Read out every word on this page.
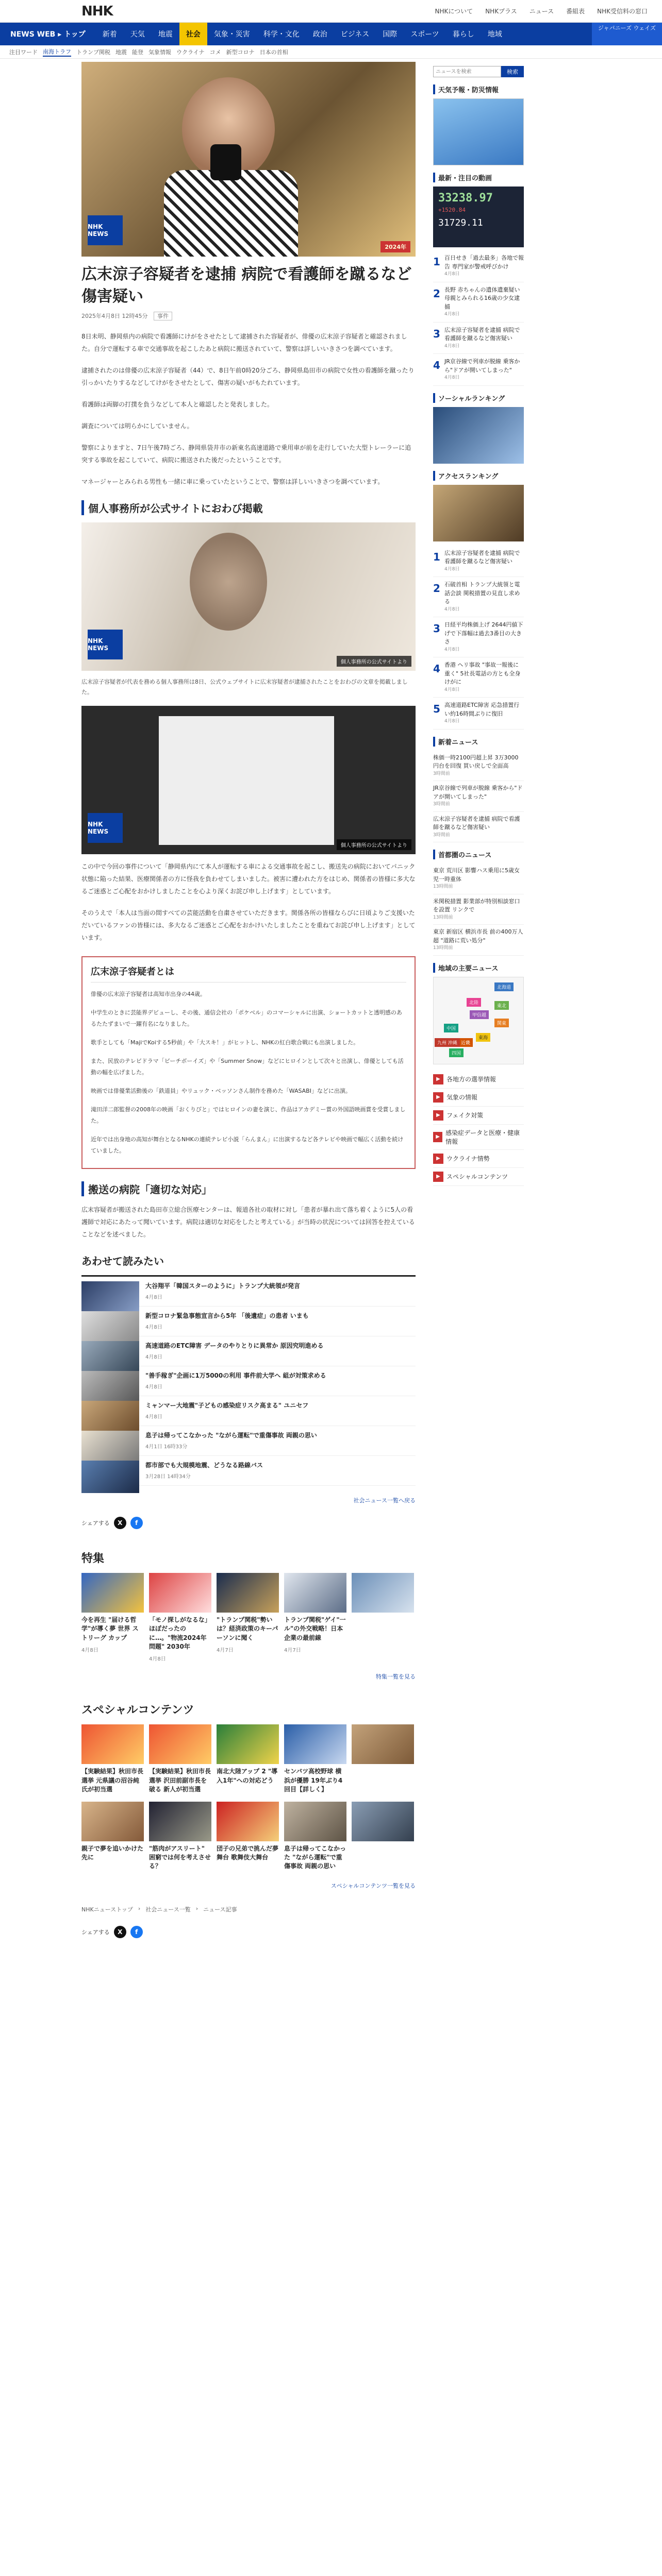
NHK	NHKについて NHKプラス ニュース 番組表 NHK受信料の窓口
NEWS WEB ▸ トップ	新着	天気	地震	社会	気象・災害	科学・文化	政治	ビジネス	国際	スポーツ	暮らし	地域
ジャパニーズ ウェイズ
注目ワード 南海トラフ トランプ関税 地震 能登 気象情報 ウクライナ コメ 新型コロナ 日本の首相
NHK NEWS
2024年
広末涼子容疑者を逮捕 病院で看護師を蹴るなど傷害疑い
2025年4月8日 12時45分 事件

8日未明、静岡県内の病院で看護師にけがをさせたとして逮捕された容疑者が、俳優の広末涼子容疑者と確認されました。自分で運転する車で交通事故を起こしたあと病院に搬送されていて、警察は詳しいいきさつを調べています。

逮捕されたのは俳優の広末涼子容疑者（44）で、8日午前0時20分ごろ、静岡県島田市の病院で女性の看護師を蹴ったり引っかいたりするなどしてけがをさせたとして、傷害の疑いがもたれています。

看護師は両脚の打撲を負うなどして本人と確認したと発表しました。

調査については明らかにしていません。

警察によりますと、7日午後7時ごろ、静岡県袋井市の新東名高速道路で乗用車が前を走行していた大型トレーラーに追突する事故を起こしていて、病院に搬送された後だったということです。

マネージャーとみられる男性も一緒に車に乗っていたということで、警察は詳しいいきさつを調べています。

個人事務所が公式サイトにおわび掲載
NHK NEWS
個人事務所の公式サイトより

広末涼子容疑者が代表を務める個人事務所は8日、公式ウェブサイトに広末容疑者が逮捕されたことをおわびの文章を掲載しました。

NHK NEWS
個人事務所の公式サイトより

この中で今回の事件について「静岡県内にて本人が運転する車による交通事故を起こし、搬送先の病院においてパニック状態に陥った結果、医療関係者の方に怪我を負わせてしまいました。被害に遭われた方をはじめ、関係者の皆様に多大なるご迷惑とご心配をおかけしましたことを心より深くお詫び申し上げます」としています。

そのうえで「本人は当面の間すべての芸能活動を自粛させていただきます。関係各所の皆様ならびに日頃よりご支援いただいているファンの皆様には、多大なるご迷惑とご心配をおかけいたしましたことを重ねてお詫び申し上げます」としています。

広末涼子容疑者とは

俳優の広末涼子容疑者は高知市出身の44歳。

中学生のときに芸能界デビューし、その後、通信会社の「ポケベル」のコマーシャルに出演、ショートカットと透明感のあるたたずまいで一躍有名になりました。

歌手としても「MajiでKoiする5秒前」や「大スキ！」がヒットし、NHKの紅白歌合戦にも出演しました。

また、民放のテレビドラマ「ビーチボーイズ」や「Summer Snow」などにヒロインとして次々と出演し、俳優としても活動の幅を広げました。

映画では俳優業活動後の「鉄道員」やリュック・ベッソンさん制作を務めた「WASABI」などに出演。

滝田洋二郎監督の2008年の映画「おくりびと」ではヒロインの妻を演じ、作品はアカデミー賞の外国語映画賞を受賞しました。

近年では出身地の高知が舞台となるNHKの連続テレビ小説「らんまん」に出演するなど各テレビや映画で幅広く活動を続けていました。

搬送の病院「適切な対応」

広末容疑者が搬送された島田市立総合医療センターは、報道各社の取材に対し「患者が暴れ出て落ち着くように5人の看護師で対応にあたって聞いています。病院は適切な対応をしたと考えている」が当時の状況については回答を控えていることなどを述べました。

あわせて読みたい
大谷翔平「韓国スターのように」トランプ大統領が発言
4月8日
新型コロナ緊急事態宣言から5年 「後遺症」の患者 いまも
4月8日
高速道路のETC障害 データのやりとりに異常か 原因究明進める
4月8日
"善手稼ぎ"企画に1万5000の利用 事件前大学へ 組が対策求める
4月8日
ミャンマー大地震"子どもの感染症リスク高まる" ユニセフ
4月8日
息子は帰ってこなかった "ながら運転"で重傷事故 両親の思い
4月1日 16時33分
都市部でも大規模地震、どうなる路線バス
3月28日 14時34分
社会ニュース一覧へ戻る
シェアする	X	f
特集
今を再生 "届ける哲学"が導く夢 世界 ストリーグ カップ
4月8日
「モノ探しがなるな」ほぼだったのに…。"物流2024年問題" 2030年
4月8日
"トランプ関税"勢いは？経済政策のキーパーソンに聞く
4月7日
トランプ関税"ゲイ"一ル"の外交戦略！日本企業の最前線
4月7日
特集一覧を見る
スペシャルコンテンツ
【実験結果】秋田市長選挙 元県議の沼谷純氏が初当選
【実験結果】秋田市長選挙 沢田前副市長を破る 新人が初当選
南北大陸アップ 2 "導入1年"への対応どう
センバツ高校野球 横浜が優勝 19年ぶり4回目【詳しく】
親子で夢を追いかけた先に
"筋肉がアスリート" 困窮では何を考えさせる？
団子の兄弟で挑んだ夢舞台 歌舞伎大舞台
息子は帰ってこなかった "ながら運転"で重傷事故 両親の思い
スペシャルコンテンツ一覧を見る
NHKニューストップ › 社会ニュース一覧 › ニュース記事
シェアする	X	f
ニュースを検索
検索
天気予報・防災情報
最新・注目の動画
33238.97
+1520.84
31729.11
1 百日せき「過去最多」各地で報告 専門家が警戒呼びかけ
4月8日
2 長野 赤ちゃんの遺体遺棄疑い 母親とみられる16歳の少女逮捕
4月8日
3 広末涼子容疑者を逮捕 病院で看護師を蹴るなど傷害疑い
4月8日
4 JR京谷線で列車が脱線 乗客から"ドアが開いてしまった"
4月8日
ソーシャルランキング
アクセスランキング
1 広末涼子容疑者を逮捕 病院で看護師を蹴るなど傷害疑い
4月8日
2 石破首相 トランプ大統領と電話会談 関税措置の見直し求める
4月8日
3 日経平均株価上げ 2644円値下げで下落幅は過去3番目の大きさ
4月8日
4 香港 ヘリ事故 "事故一報後に重く" 5社長電話の方とも全身けがに
4月8日
5 高速道路ETC障害 応急措置行い約16時間ぶりに復旧
4月8日
新着ニュース
株価一時2100円超上昇 3万3000円台を回復 買い戻しで全面高
3時間前
JR京谷線で列車が脱線 乗客から"ドアが開いてしまった"
3時間前
広末涼子容疑者を逮捕 病院で看護師を蹴るなど傷害疑い
3時間前
首都圏のニュース
東京 荒川区 影響ハス乗用に5歳女児一時重体
13時間前
米関税措置 影業部が特別相談窓口を設置 リンクで
13時間前
東京 新宿区 横浜市長 前の400万人超 "道路に荒い処分"
13時間前
地域の主要ニュース
北海道
東北
関東
甲信越
中国
東海
北陸
近畿
四国
九州 沖縄
▶	各地方の選挙情報
▶	気象の情報
▶	フェイク対策
▶
感染症データと医療・健康情報
▶	ウクライナ情勢
▶	スペシャルコンテンツ
